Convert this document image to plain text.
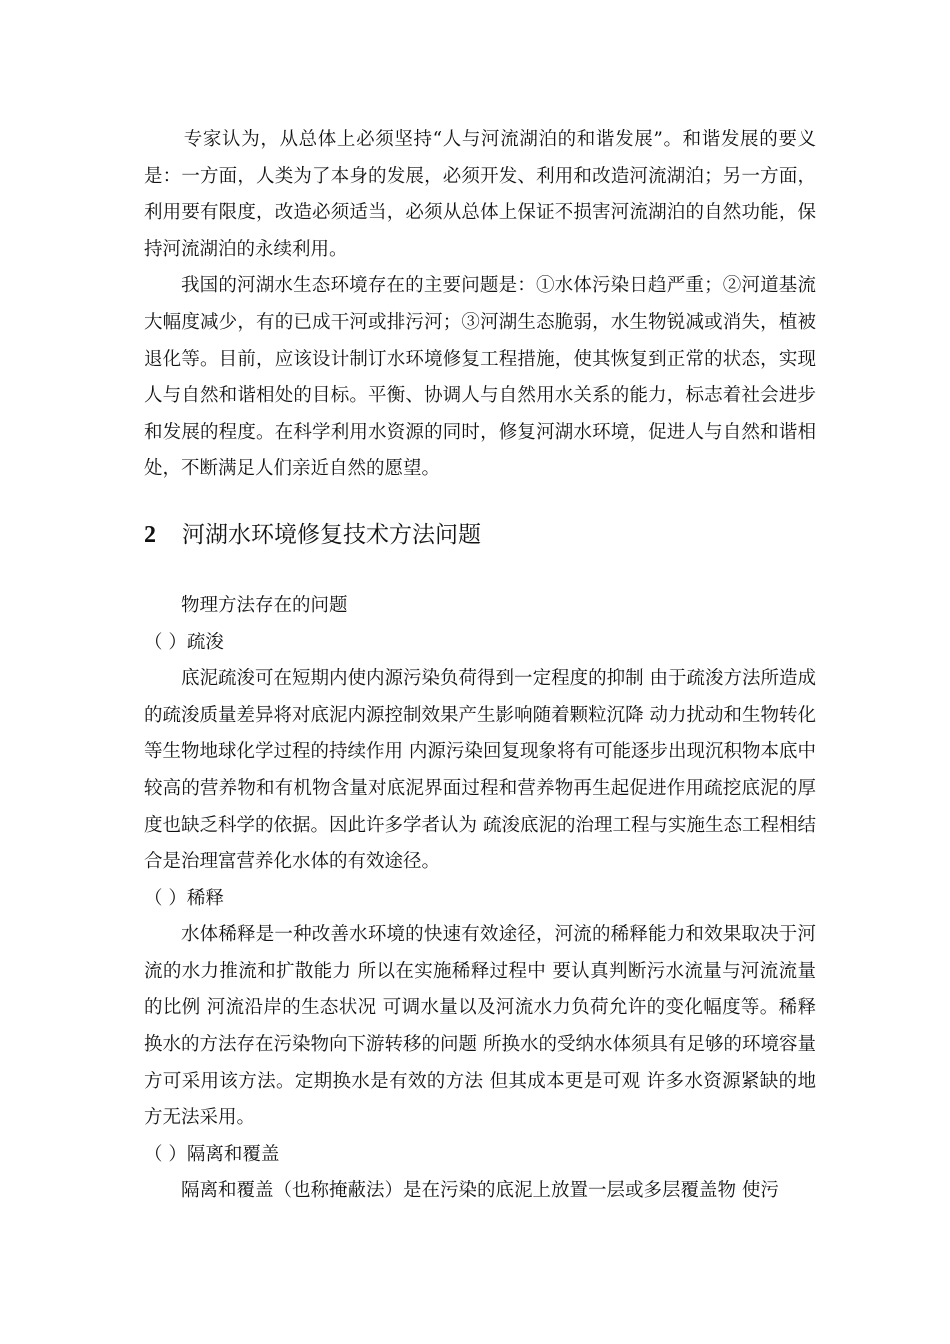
专家认为，从总体上必须坚持“人与河流湖泊的和谐发展”。和谐发展的要义是：一方面，人类为了本身的发展，必须开发、利用和改造河流湖泊；另一方面，利用要有限度，改造必须适当，必须从总体上保证不损害河流湖泊的自然功能，保持河流湖泊的永续利用。

我国的河湖水生态环境存在的主要问题是：①水体污染日趋严重；②河道基流大幅度减少，有的已成干河或排污河；③河湖生态脆弱，水生物锐减或消失，植被退化等。目前，应该设计制订水环境修复工程措施，使其恢复到正常的状态，实现人与自然和谐相处的目标。平衡、协调人与自然用水关系的能力，标志着社会进步和发展的程度。在科学利用水资源的同时，修复河湖水环境，促进人与自然和谐相处，不断满足人们亲近自然的愿望。

2	河湖水环境修复技术方法问题

物理方法存在的问题

（ ）疏浚

底泥疏浚可在短期内使内源污染负荷得到一定程度的抑制 由于疏浚方法所造成的疏浚质量差异将对底泥内源控制效果产生影响随着颗粒沉降 动力扰动和生物转化等生物地球化学过程的持续作用 内源污染回复现象将有可能逐步出现沉积物本底中较高的营养物和有机物含量对底泥界面过程和营养物再生起促进作用疏挖底泥的厚度也缺乏科学的依据。因此许多学者认为 疏浚底泥的治理工程与实施生态工程相结合是治理富营养化水体的有效途径。

（ ）稀释

水体稀释是一种改善水环境的快速有效途径，河流的稀释能力和效果取决于河流的水力推流和扩散能力 所以在实施稀释过程中 要认真判断污水流量与河流流量的比例 河流沿岸的生态状况 可调水量以及河流水力负荷允许的变化幅度等。稀释换水的方法存在污染物向下游转移的问题 所换水的受纳水体须具有足够的环境容量方可采用该方法。定期换水是有效的方法 但其成本更是可观 许多水资源紧缺的地方无法采用。

（ ）隔离和覆盖

隔离和覆盖（也称掩蔽法）是在污染的底泥上放置一层或多层覆盖物 使污
